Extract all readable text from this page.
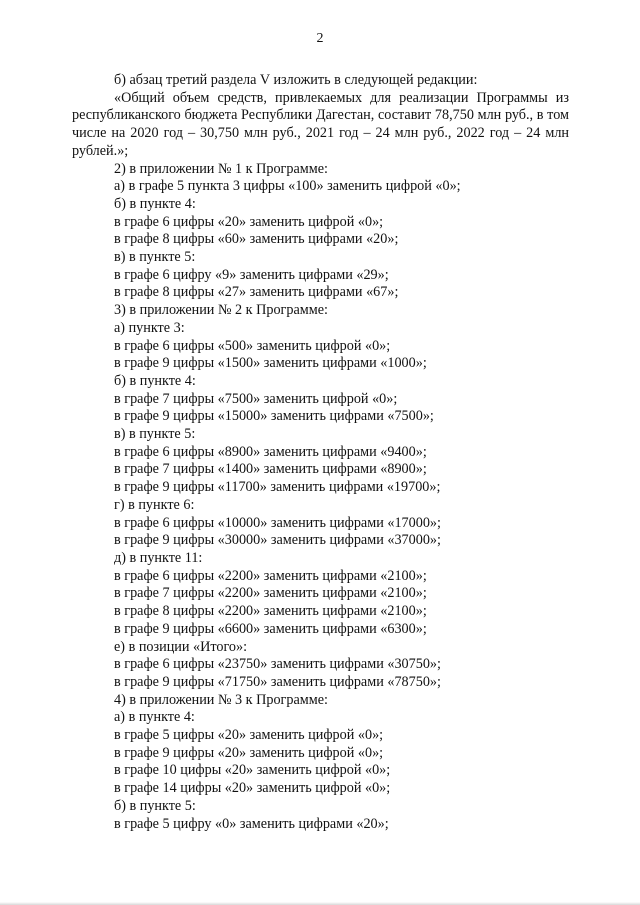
2
б) абзац третий раздела V изложить в следующей редакции:
«Общий объем средств, привлекаемых для реализации Программы из республиканского бюджета Республики Дагестан, составит 78,750 млн руб., в том числе на 2020 год – 30,750 млн руб., 2021 год – 24 млн руб., 2022 год – 24 млн рублей.»;
2) в приложении № 1 к Программе:
а) в графе 5 пункта 3 цифры «100» заменить цифрой «0»;
б) в пункте 4:
в графе 6 цифры «20» заменить цифрой «0»;
в графе 8 цифры «60» заменить цифрами «20»;
в) в пункте 5:
в графе 6 цифру «9» заменить цифрами «29»;
в графе 8 цифры «27» заменить цифрами «67»;
3) в приложении № 2 к Программе:
а) пункте 3:
в графе 6 цифры «500» заменить цифрой «0»;
в графе 9 цифры «1500» заменить цифрами «1000»;
б) в пункте 4:
в графе 7 цифры «7500» заменить цифрой «0»;
в графе 9 цифры «15000» заменить цифрами «7500»;
в) в пункте 5:
в графе 6 цифры «8900» заменить цифрами «9400»;
в графе 7 цифры «1400» заменить цифрами «8900»;
в графе 9 цифры «11700» заменить цифрами «19700»;
г) в пункте 6:
в графе 6 цифры «10000» заменить цифрами «17000»;
в графе 9 цифры «30000» заменить цифрами «37000»;
д) в пункте 11:
в графе 6 цифры «2200» заменить цифрами «2100»;
в графе 7 цифры «2200» заменить цифрами «2100»;
в графе 8 цифры «2200» заменить цифрами «2100»;
в графе 9 цифры «6600» заменить цифрами «6300»;
е) в позиции «Итого»:
в графе 6 цифры «23750» заменить цифрами «30750»;
в графе 9 цифры «71750» заменить цифрами «78750»;
4) в приложении № 3 к Программе:
а) в пункте 4:
в графе 5 цифры «20» заменить цифрой «0»;
в графе 9 цифры «20» заменить цифрой «0»;
в графе 10 цифры «20» заменить цифрой «0»;
в графе 14 цифры «20» заменить цифрой «0»;
б) в пункте 5:
в графе 5 цифру «0» заменить цифрами «20»;
